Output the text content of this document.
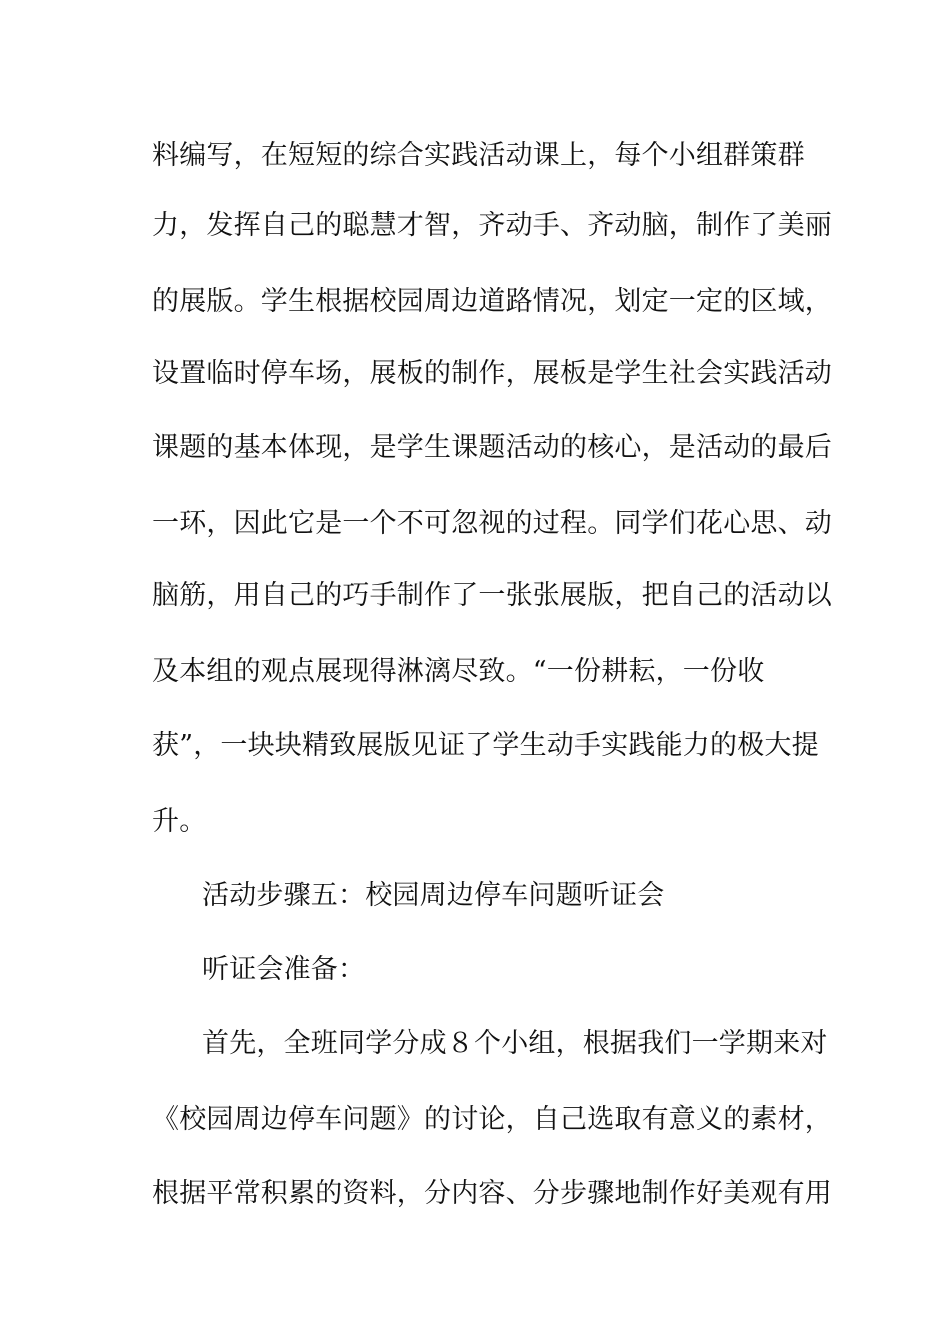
料编写，在短短的综合实践活动课上，每个小组群策群
力，发挥自己的聪慧才智，齐动手、齐动脑，制作了美丽
的展版。学生根据校园周边道路情况，划定一定的区域，
设置临时停车场，展板的制作，展板是学生社会实践活动
课题的基本体现，是学生课题活动的核心，是活动的最后
一环，因此它是一个不可忽视的过程。同学们花心思、动
脑筋，用自己的巧手制作了一张张展版，把自己的活动以
及本组的观点展现得淋漓尽致。“一份耕耘，一份收
获”，一块块精致展版见证了学生动手实践能力的极大提
升。
活动步骤五：校园周边停车问题听证会
听证会准备：
首先，全班同学分成８个小组，根据我们一学期来对
《校园周边停车问题》的讨论，自己选取有意义的素材，
根据平常积累的资料，分内容、分步骤地制作好美观有用
